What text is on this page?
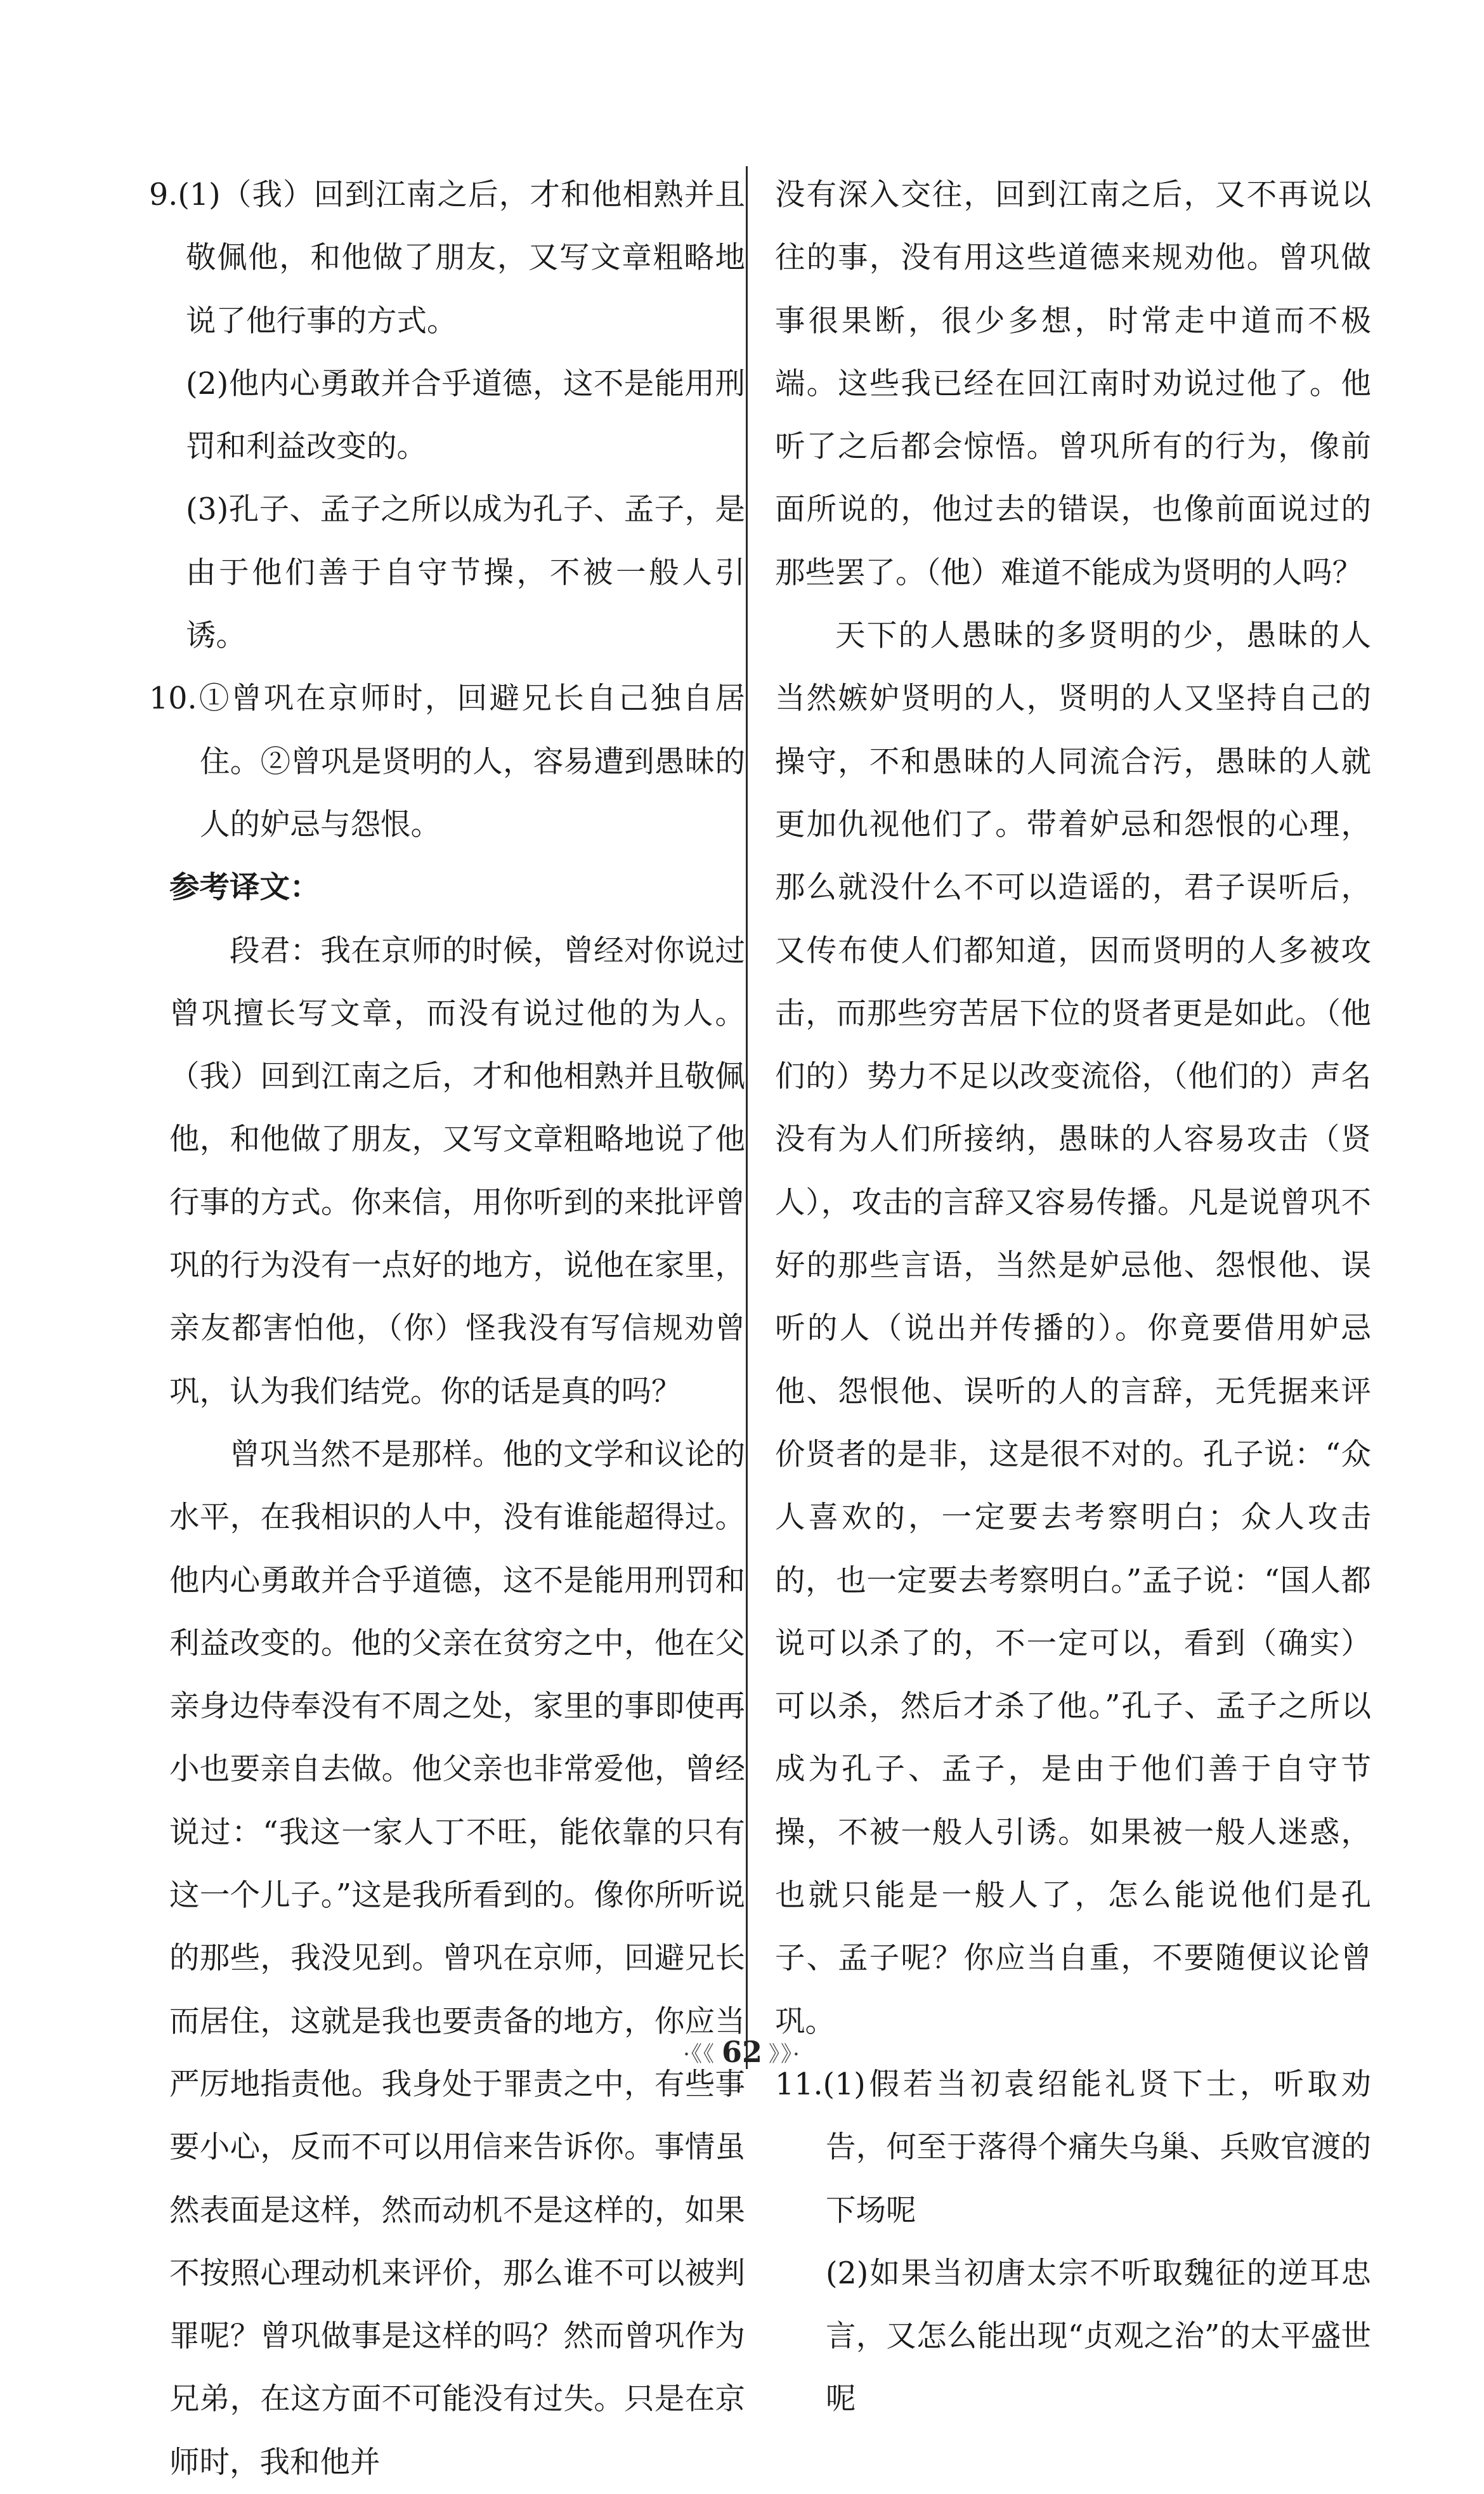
9.(1)（我）回到江南之后，才和他相熟并且敬佩他，和他做了朋友，又写文章粗略地说了他行事的方式。

(2)他内心勇敢并合乎道德，这不是能用刑罚和利益改变的。

(3)孔子、孟子之所以成为孔子、孟子，是由于他们善于自守节操，不被一般人引诱。

10.①曾巩在京师时，回避兄长自己独自居住。②曾巩是贤明的人，容易遭到愚昧的人的妒忌与怨恨。

参考译文：

段君：我在京师的时候，曾经对你说过曾巩擅长写文章，而没有说过他的为人。（我）回到江南之后，才和他相熟并且敬佩他，和他做了朋友，又写文章粗略地说了他行事的方式。你来信，用你听到的来批评曾巩的行为没有一点好的地方，说他在家里，亲友都害怕他，（你）怪我没有写信规劝曾巩，认为我们结党。你的话是真的吗？

曾巩当然不是那样。他的文学和议论的水平，在我相识的人中，没有谁能超得过。他内心勇敢并合乎道德，这不是能用刑罚和利益改变的。他的父亲在贫穷之中，他在父亲身边侍奉没有不周之处，家里的事即使再小也要亲自去做。他父亲也非常爱他，曾经说过：“我这一家人丁不旺，能依靠的只有这一个儿子。”这是我所看到的。像你所听说的那些，我没见到。曾巩在京师，回避兄长而居住，这就是我也要责备的地方，你应当严厉地指责他。我身处于罪责之中，有些事要小心，反而不可以用信来告诉你。事情虽然表面是这样，然而动机不是这样的，如果不按照心理动机来评价，那么谁不可以被判罪呢？曾巩做事是这样的吗？然而曾巩作为兄弟，在这方面不可能没有过失。只是在京师时，我和他并

没有深入交往，回到江南之后，又不再说以往的事，没有用这些道德来规劝他。曾巩做事很果断，很少多想，时常走中道而不极端。这些我已经在回江南时劝说过他了。他听了之后都会惊悟。曾巩所有的行为，像前面所说的，他过去的错误，也像前面说过的那些罢了。（他）难道不能成为贤明的人吗？

天下的人愚昧的多贤明的少，愚昧的人当然嫉妒贤明的人，贤明的人又坚持自己的操守，不和愚昧的人同流合污，愚昧的人就更加仇视他们了。带着妒忌和怨恨的心理，那么就没什么不可以造谣的，君子误听后，又传布使人们都知道，因而贤明的人多被攻击，而那些穷苦居下位的贤者更是如此。（他们的）势力不足以改变流俗，（他们的）声名没有为人们所接纳，愚昧的人容易攻击（贤人），攻击的言辞又容易传播。凡是说曾巩不好的那些言语，当然是妒忌他、怨恨他、误听的人（说出并传播的）。你竟要借用妒忌他、怨恨他、误听的人的言辞，无凭据来评价贤者的是非，这是很不对的。孔子说：“众人喜欢的，一定要去考察明白；众人攻击的，也一定要去考察明白。”孟子说：“国人都说可以杀了的，不一定可以，看到（确实）可以杀，然后才杀了他。”孔子、孟子之所以成为孔子、孟子，是由于他们善于自守节操，不被一般人引诱。如果被一般人迷惑，也就只能是一般人了，怎么能说他们是孔子、孟子呢？你应当自重，不要随便议论曾巩。

11.(1)假若当初袁绍能礼贤下士，听取劝告，何至于落得个痛失乌巢、兵败官渡的下场呢

(2)如果当初唐太宗不听取魏征的逆耳忠言，又怎么能出现“贞观之治”的太平盛世呢

·《《 62 》》·
